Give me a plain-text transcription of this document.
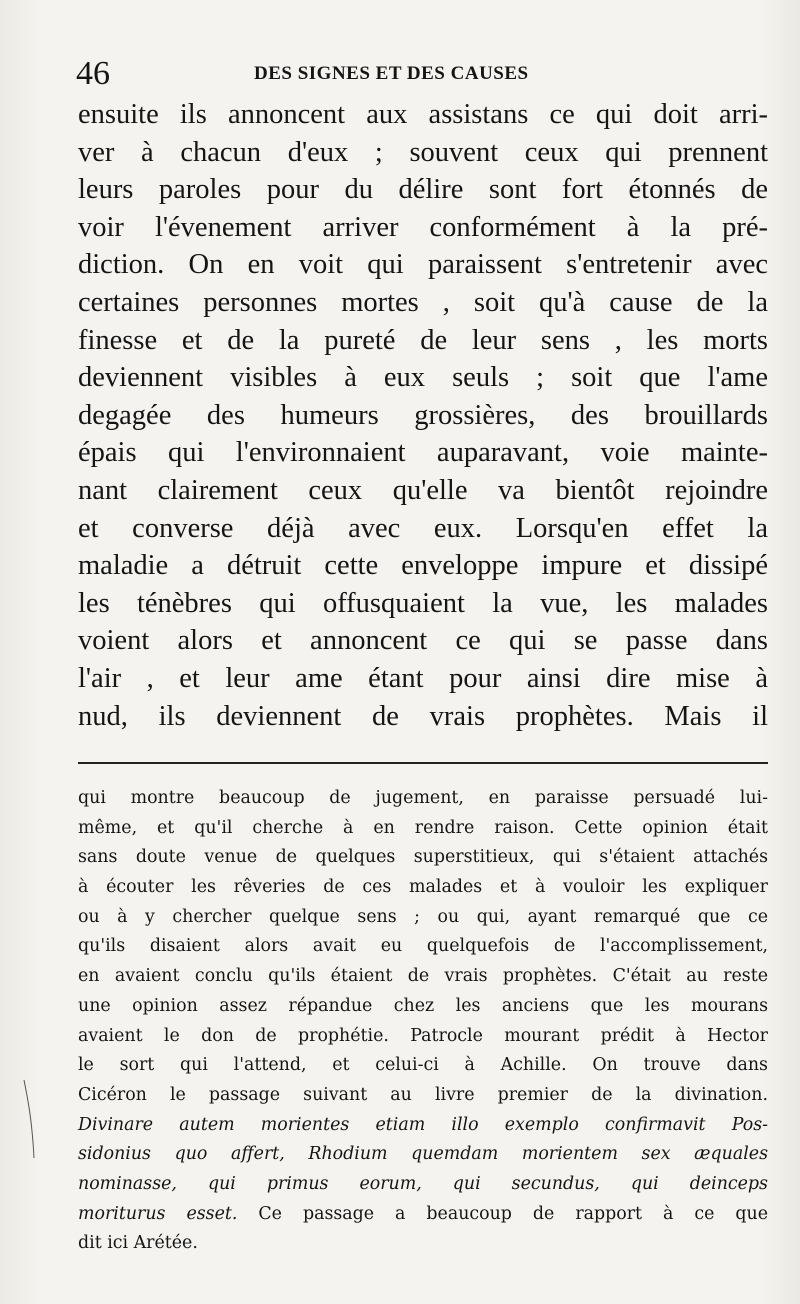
46	DES SIGNES ET DES CAUSES
ensuite ils annoncent aux assistans ce qui doit arri-
ver à chacun d'eux ; souvent ceux qui prennent
leurs paroles pour du délire sont fort étonnés de
voir l'évenement arriver conformément à la pré-
diction. On en voit qui paraissent s'entretenir avec
certaines personnes mortes , soit qu'à cause de la
finesse et de la pureté de leur sens , les morts
deviennent visibles à eux seuls ; soit que l'ame
degagée des humeurs grossières, des brouillards
épais qui l'environnaient auparavant, voie mainte-
nant clairement ceux qu'elle va bientôt rejoindre
et converse déjà avec eux. Lorsqu'en effet la
maladie a détruit cette enveloppe impure et dissipé
les ténèbres qui offusquaient la vue, les malades
voient alors et annoncent ce qui se passe dans
l'air , et leur ame étant pour ainsi dire mise à
nud, ils deviennent de vrais prophètes. Mais il
qui montre beaucoup de jugement, en paraisse persuadé lui-
même, et qu'il cherche à en rendre raison. Cette opinion était
sans doute venue de quelques superstitieux, qui s'étaient attachés
à écouter les rêveries de ces malades et à vouloir les expliquer
ou à y chercher quelque sens ; ou qui, ayant remarqué que ce
qu'ils disaient alors avait eu quelquefois de l'accomplissement,
en avaient conclu qu'ils étaient de vrais prophètes. C'était au reste
une opinion assez répandue chez les anciens que les mourans
avaient le don de prophétie. Patrocle mourant prédit à Hector
le sort qui l'attend, et celui-ci à Achille. On trouve dans
Cicéron le passage suivant au livre premier de la divination.
Divinare autem morientes etiam illo exemplo confirmavit Pos-
sidonius quo affert, Rhodium quemdam morientem sex æquales
nominasse, qui primus eorum, qui secundus, qui deinceps
moriturus esset. Ce passage a beaucoup de rapport à ce que
dit ici Arétée.
